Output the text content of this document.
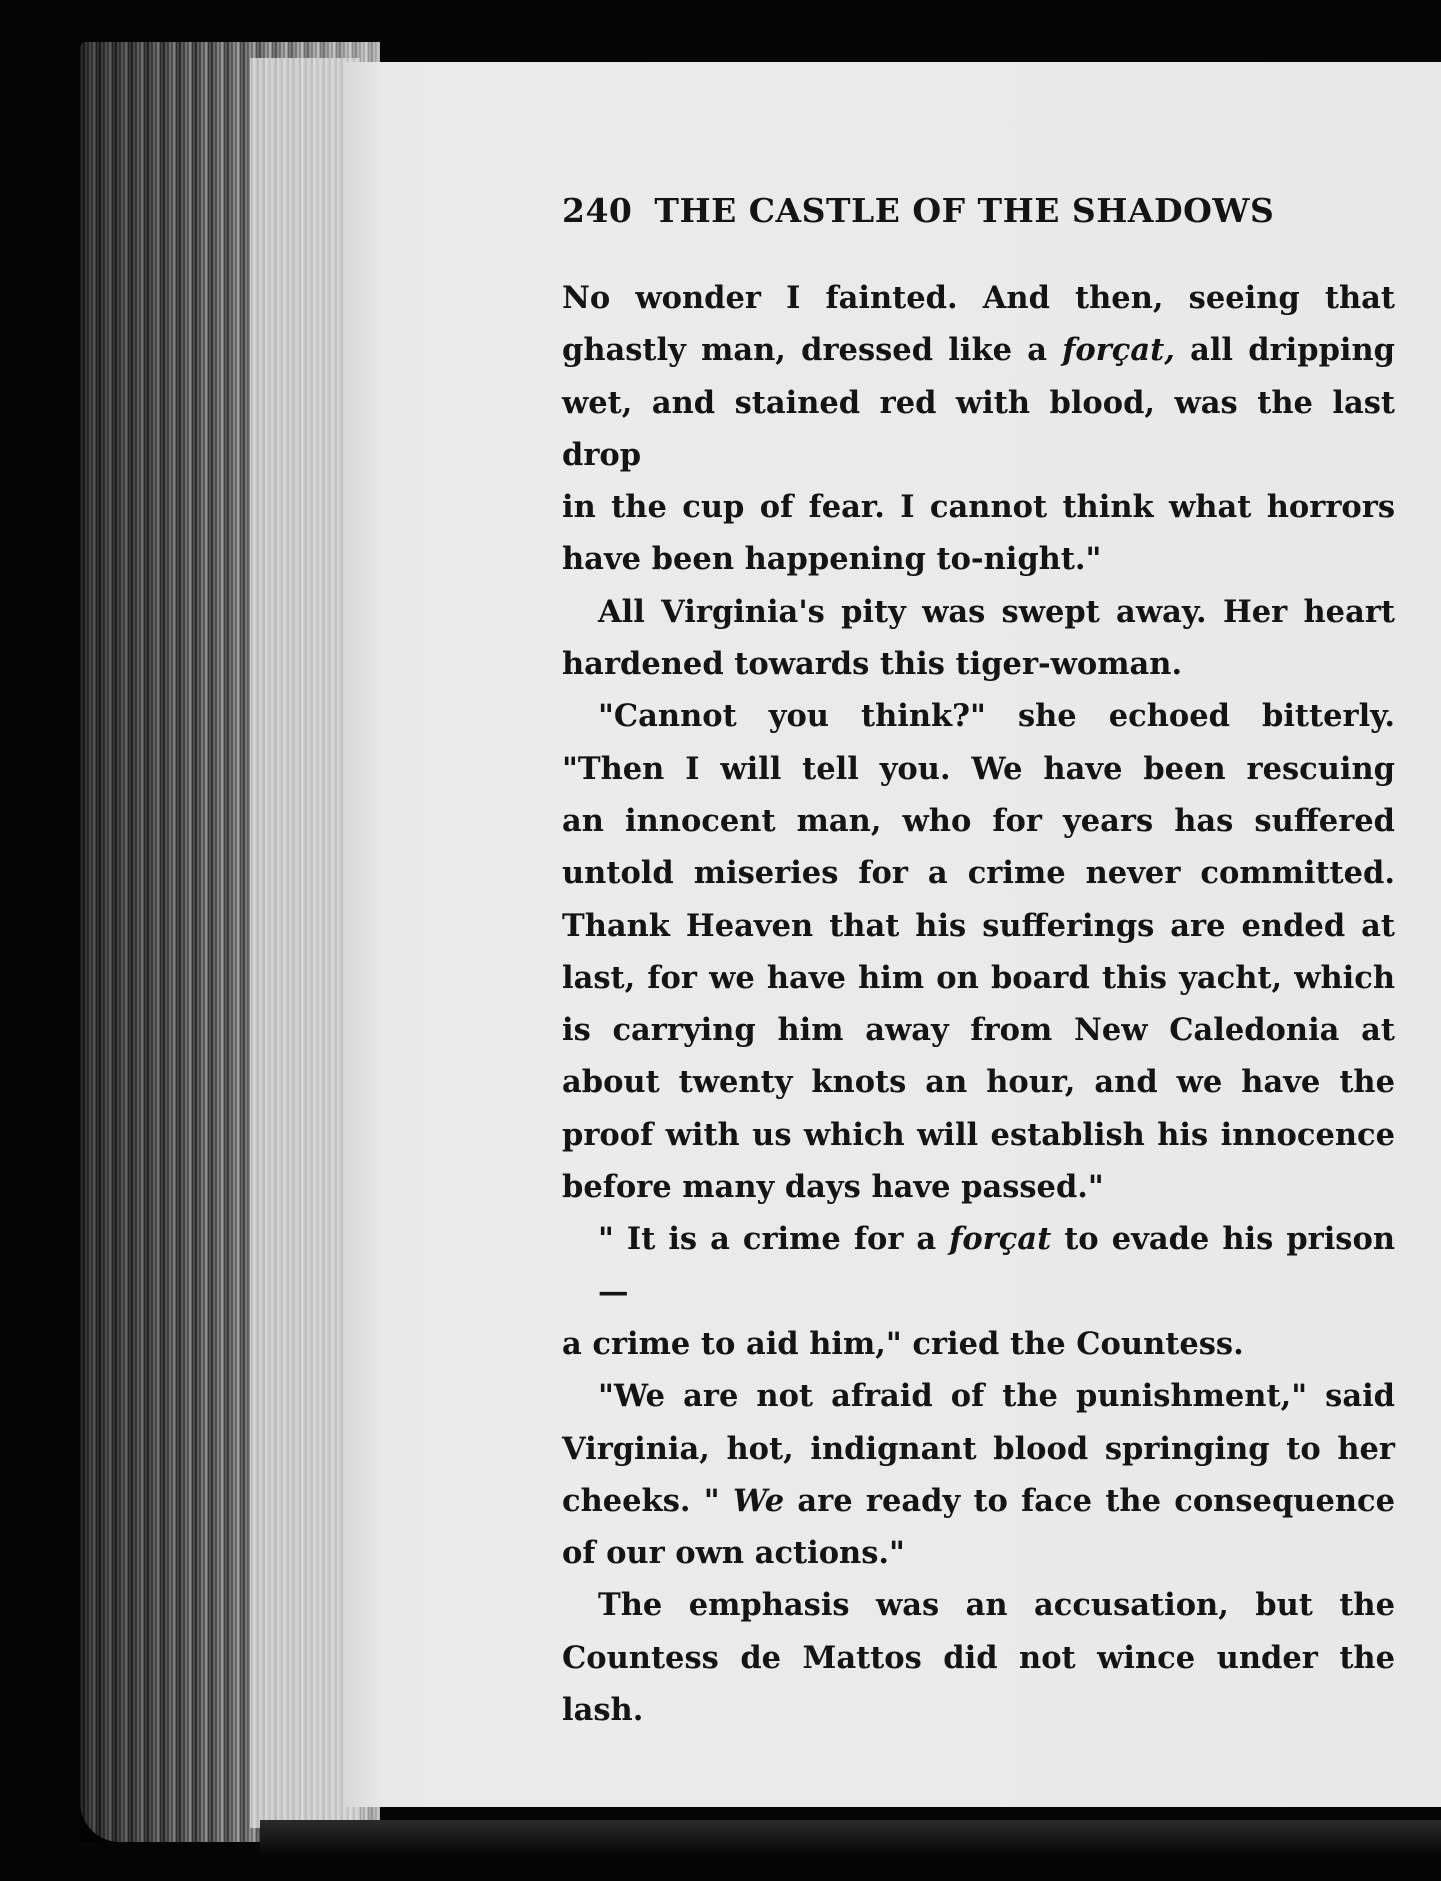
240 THE CASTLE OF THE SHADOWS
No wonder I fainted. And then, seeing that
ghastly man, dressed like a forçat, all dripping
wet, and stained red with blood, was the last drop
in the cup of fear. I cannot think what horrors
have been happening to-night."
All Virginia's pity was swept away. Her heart
hardened towards this tiger-woman.
"Cannot you think?" she echoed bitterly.
"Then I will tell you. We have been rescuing
an innocent man, who for years has suffered
untold miseries for a crime never committed.
Thank Heaven that his sufferings are ended at
last, for we have him on board this yacht, which
is carrying him away from New Caledonia at
about twenty knots an hour, and we have the
proof with us which will establish his innocence
before many days have passed."
" It is a crime for a forçat to evade his prison—
a crime to aid him," cried the Countess.
"We are not afraid of the punishment," said
Virginia, hot, indignant blood springing to her
cheeks. " We are ready to face the consequence
of our own actions."
The emphasis was an accusation, but the
Countess de Mattos did not wince under the lash.
